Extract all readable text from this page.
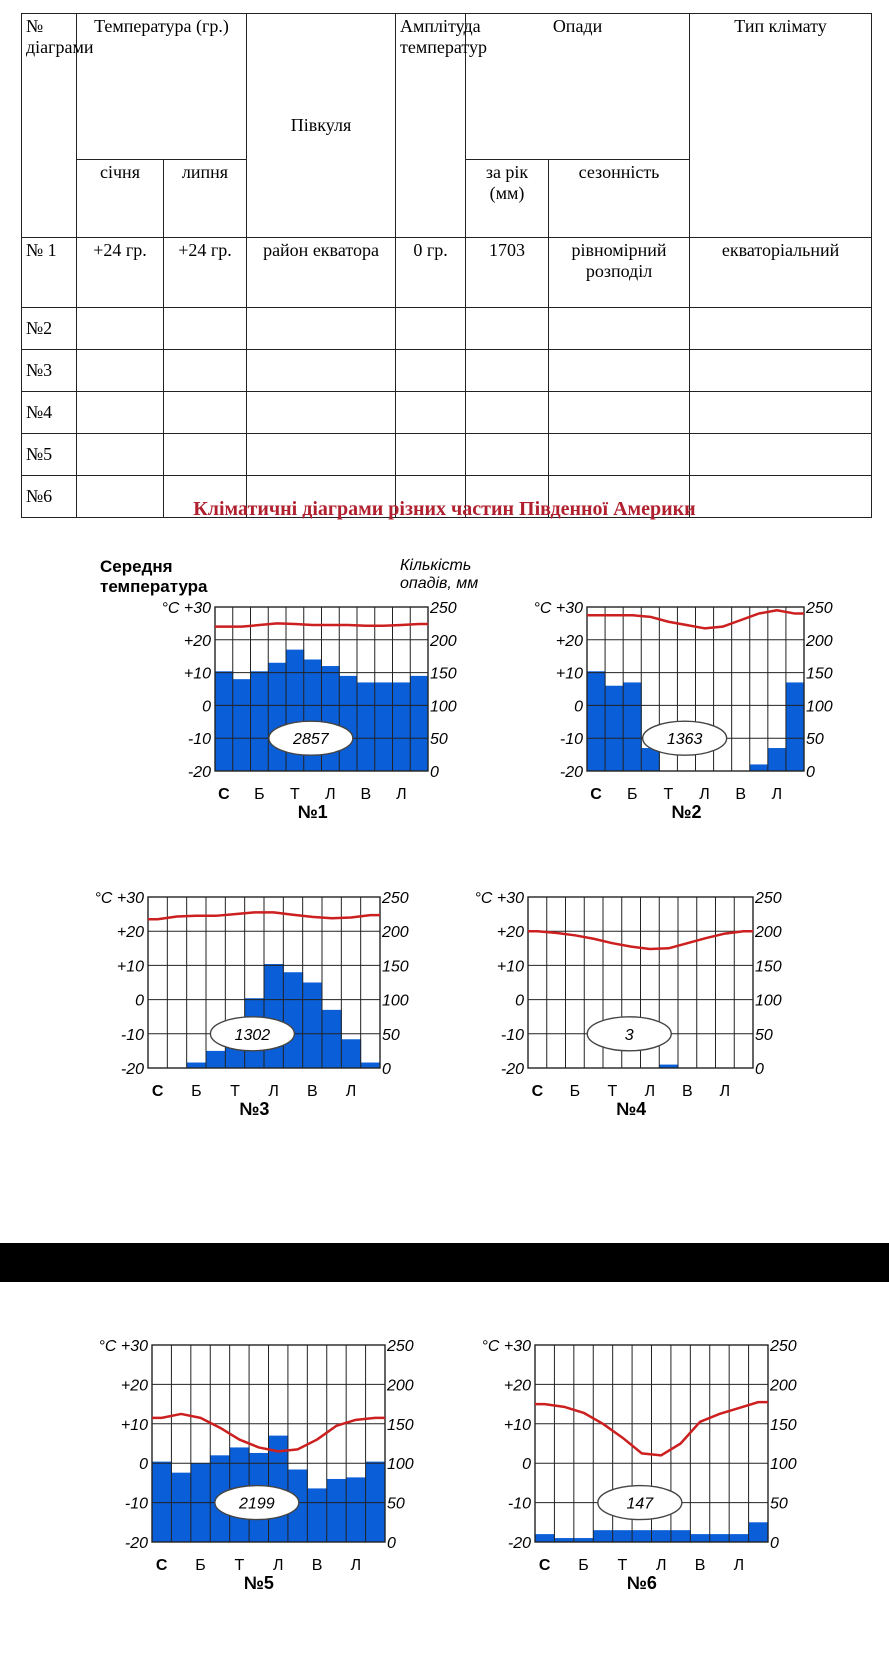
№ діаграми	Температура (гр.)		Півкуля	Амплітуда температур	Опади		Тип клімату
	січня	липня			за рік (мм)	сезонність	
№ 1	+24 гр.	+24 гр.	район екватора	0 гр.	1703	рівномірний розподіл	екваторіальний
№2							
№3							
№4							
№5							
№6							
Кліматичні діаграми різних частин Південної Америки
Середня
температура
Кількість
опадів, мм
°С +30
+20
+10
0
-10
-20
250
200
150
100
50
0
С Б Т Л В Л
№1
2857
°С +30
+20
+10
0
-10
-20
250
200
150
100
50
0
С Б Т Л В Л
№2
1363
°С +30
+20
+10
0
-10
-20
250
200
150
100
50
0
С Б Т Л В Л
№3
1302
°С +30
+20
+10
0
-10
-20
250
200
150
100
50
0
С Б Т Л В Л
№4
3
°С +30
+20
+10
0
-10
-20
250
200
150
100
50
0
С Б Т Л В Л
№5
2199
°С +30
+20
+10
0
-10
-20
250
200
150
100
50
0
С Б Т Л В Л
№6
147
